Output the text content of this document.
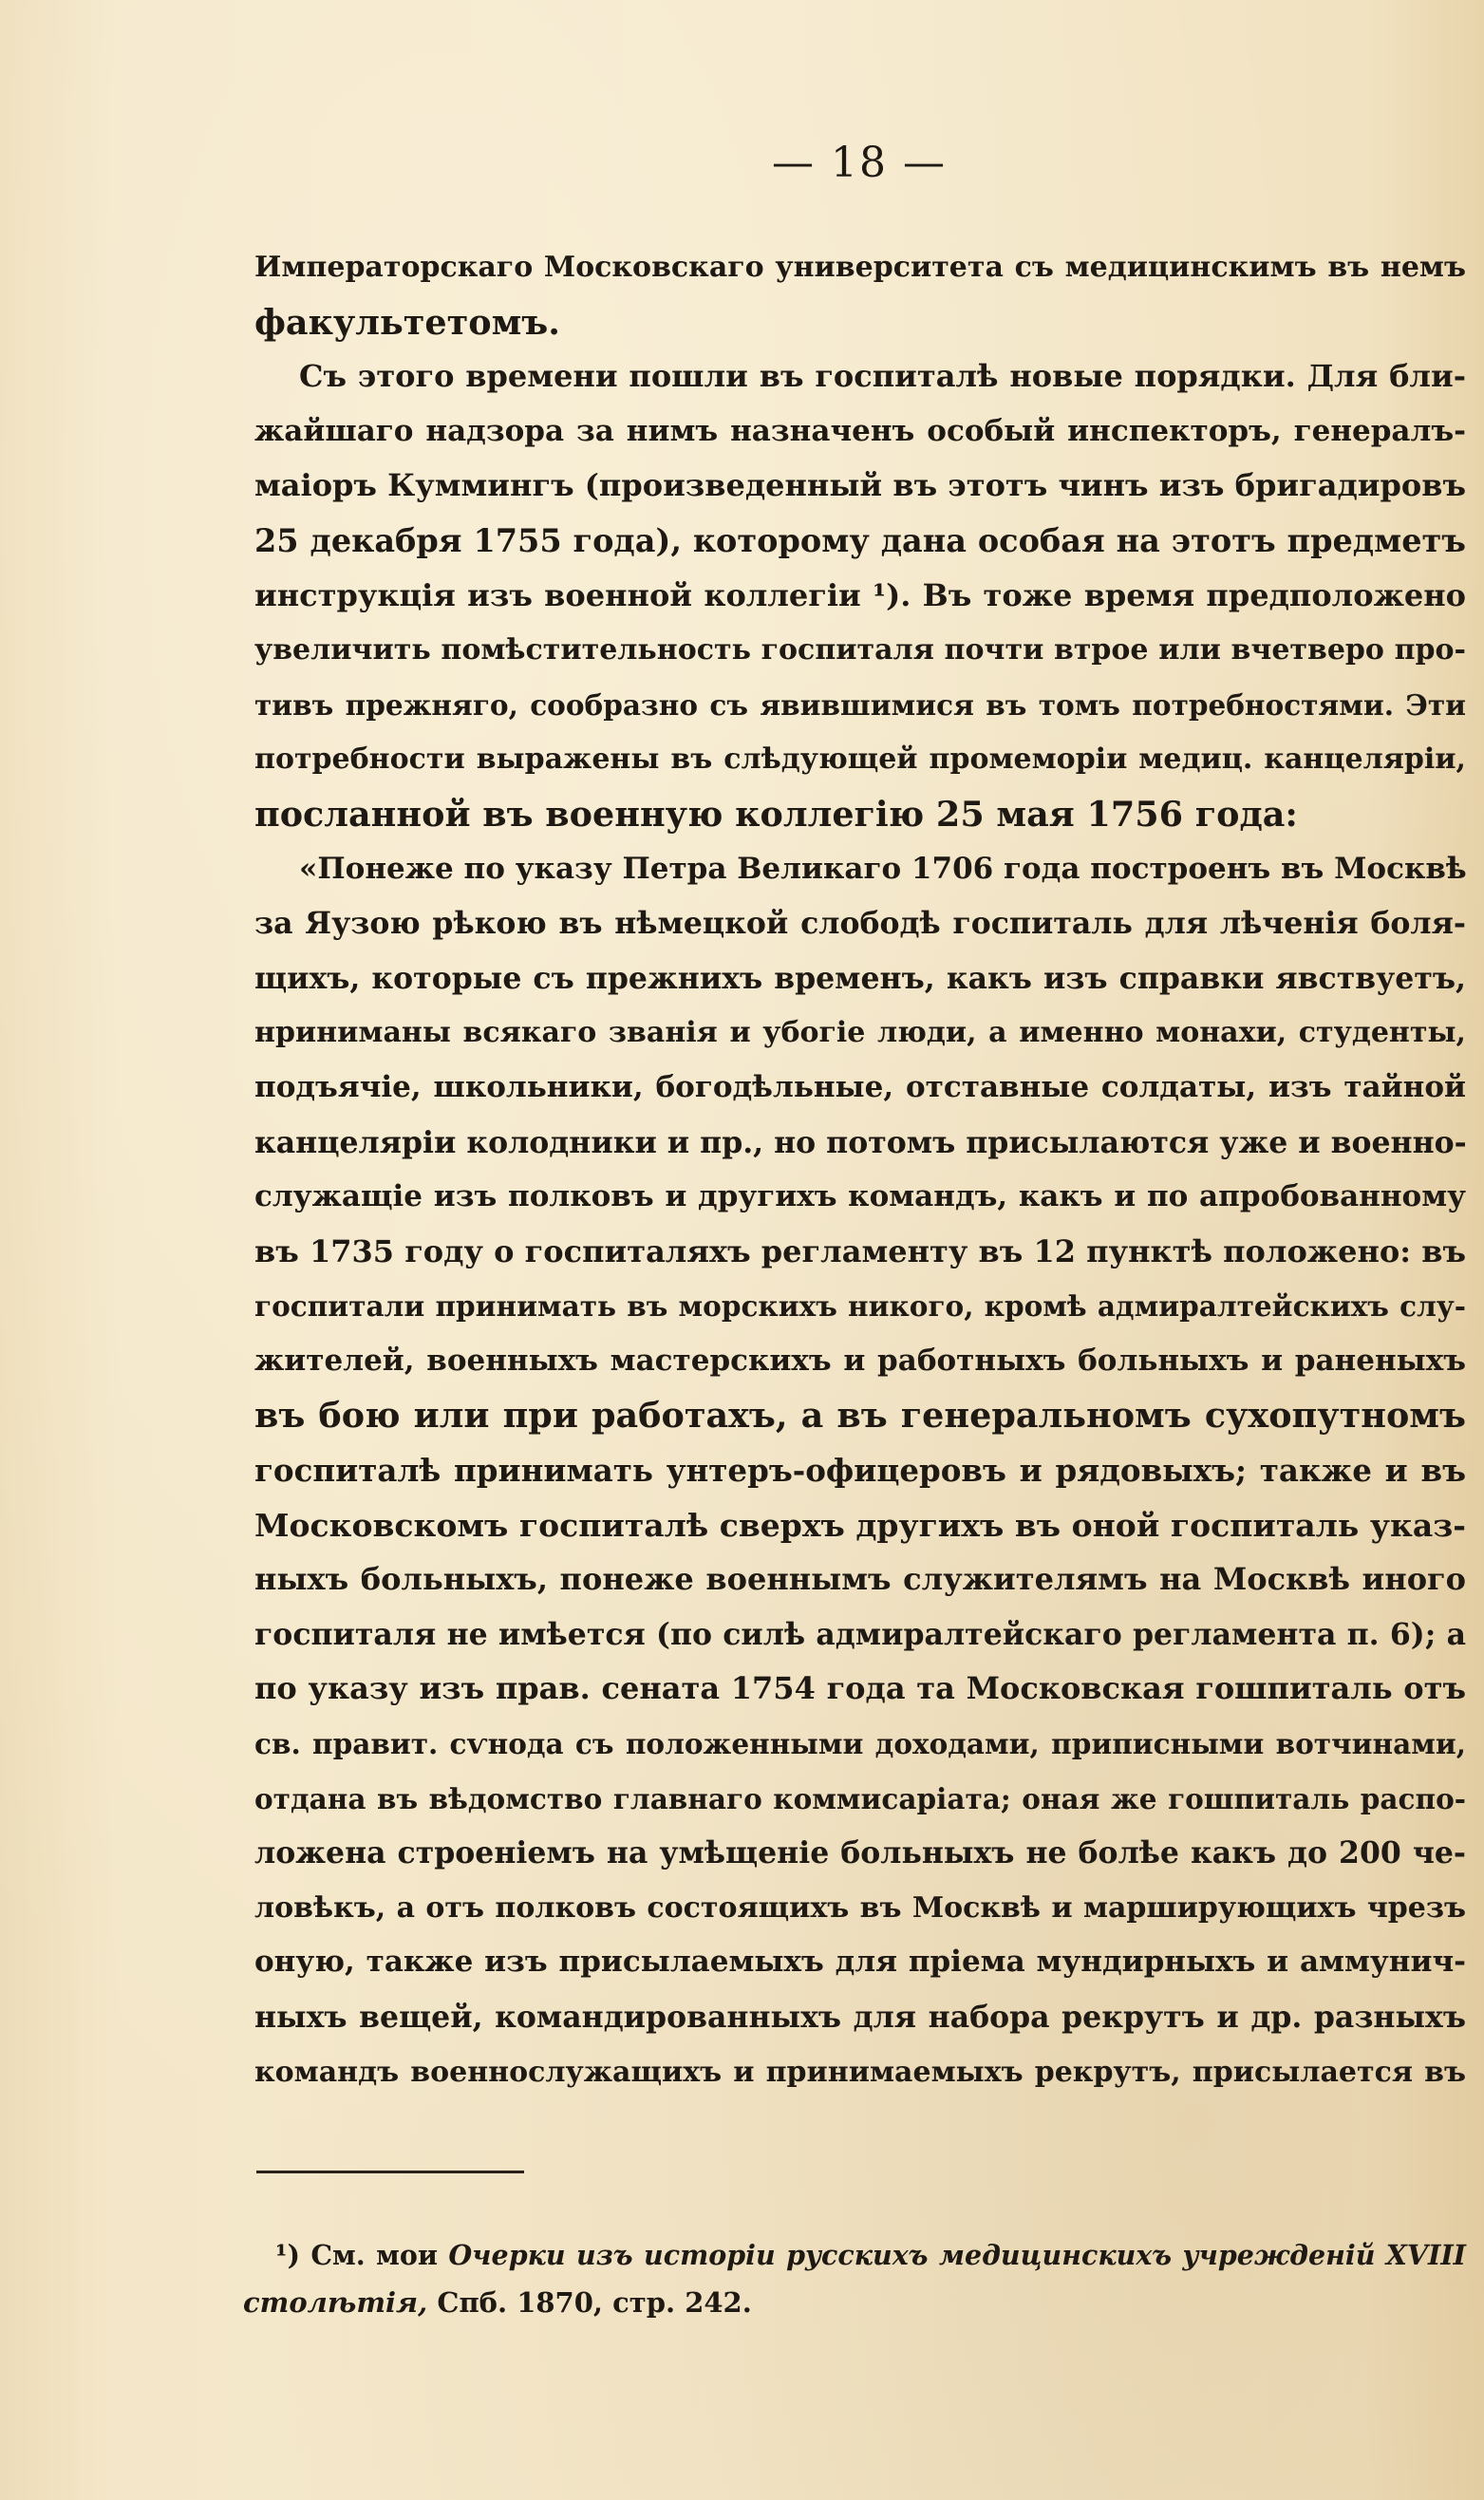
— 18 —
Императорскаго Московскаго университета съ медицинскимъ въ немъ
факультетомъ.
Съ этого времени пошли въ госпиталѣ новые порядки. Для бли-
жайшаго надзора за нимъ назначенъ особый инспекторъ, генералъ-
маіоръ Куммингъ (произведенный въ этотъ чинъ изъ бригадировъ
25 декабря 1755 года), которому дана особая на этотъ предметъ
инструкція изъ военной коллегіи ¹). Въ тоже время предположено
увеличить помѣстительность госпиталя почти втрое или вчетверо про-
тивъ прежняго, сообразно съ явившимися въ томъ потребностями. Эти
потребности выражены въ слѣдующей промеморіи медиц. канцеляріи,
посланной въ военную коллегію 25 мая 1756 года:
«Понеже по указу Петра Великаго 1706 года построенъ въ Москвѣ
за Яузою рѣкою въ нѣмецкой слободѣ госпиталь для лѣченія боля-
щихъ, которые съ прежнихъ временъ, какъ изъ справки явствуетъ,
нриниманы всякаго званія и убогіе люди, а именно монахи, студенты,
подъячіе, школьники, богодѣльные, отставные солдаты, изъ тайной
канцеляріи колодники и пр., но потомъ присылаются уже и военно-
служащіе изъ полковъ и другихъ командъ, какъ и по апробованному
въ 1735 году о госпиталяхъ регламенту въ 12 пунктѣ положено: въ
госпитали принимать въ морскихъ никого, кромѣ адмиралтейскихъ слу-
жителей, военныхъ мастерскихъ и работныхъ больныхъ и раненыхъ
въ бою или при работахъ, а въ генеральномъ сухопутномъ
госпиталѣ принимать унтеръ-офицеровъ и рядовыхъ; также и въ
Московскомъ госпиталѣ сверхъ другихъ въ оной госпиталь указ-
ныхъ больныхъ, понеже военнымъ служителямъ на Москвѣ иного
госпиталя не имѣется (по силѣ адмиралтейскаго регламента п. 6); а
по указу изъ прав. сената 1754 года та Московская гошпиталь отъ
св. правит. сѵнода съ положенными доходами, приписными вотчинами,
отдана въ вѣдомство главнаго коммисаріата; оная же гошпиталь распо-
ложена строеніемъ на умѣщеніе больныхъ не болѣе какъ до 200 че-
ловѣкъ, а отъ полковъ состоящихъ въ Москвѣ и марширующихъ чрезъ
оную, также изъ присылаемыхъ для пріема мундирныхъ и аммунич-
ныхъ вещей, командированныхъ для набора рекрутъ и др. разныхъ
командъ военнослужащихъ и принимаемыхъ рекрутъ, присылается въ
¹) См. мои Очерки изъ исторіи русскихъ медицинскихъ учрежденій XVIII
столѣтія, Спб. 1870, стр. 242.
